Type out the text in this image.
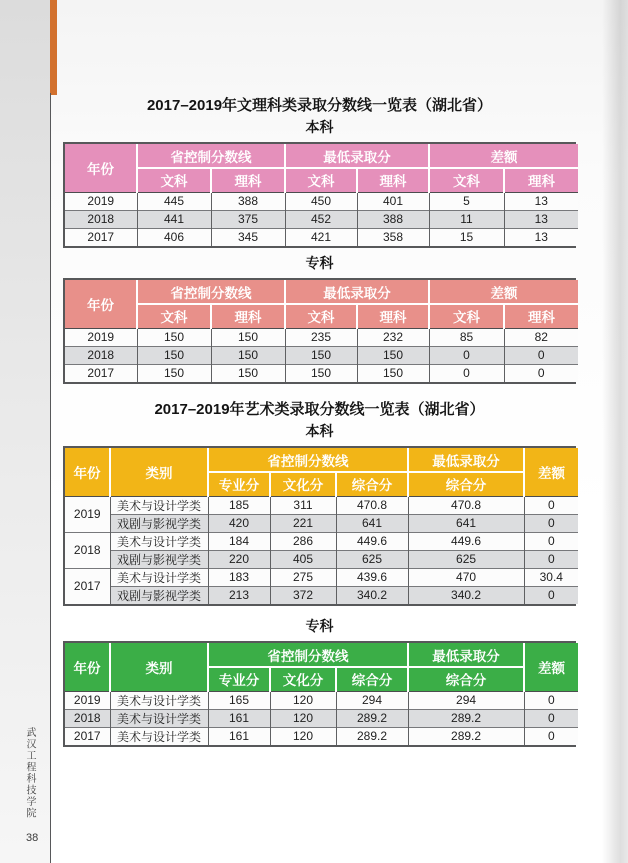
武汉工程科技学院
38
2017–2019年文理科类录取分数线一览表（湖北省）
本科
年份	省控制分数线		最低录取分		差额	
	文科	理科	文科	理科	文科	理科
2019	445	388	450	401	5	13
2018	441	375	452	388	11	13
2017	406	345	421	358	15	13
专科
年份	省控制分数线		最低录取分		差额	
	文科	理科	文科	理科	文科	理科
2019	150	150	235	232	85	82
2018	150	150	150	150	0	0
2017	150	150	150	150	0	0
2017–2019年艺术类录取分数线一览表（湖北省）
本科
年份	类别	省控制分数线			最低录取分	差额
		专业分	文化分	综合分	综合分	
2019	美术与设计学类	185	311	470.8	470.8	0
	戏剧与影视学类	420	221	641	641	0
2018	美术与设计学类	184	286	449.6	449.6	0
	戏剧与影视学类	220	405	625	625	0
2017	美术与设计学类	183	275	439.6	470	30.4
	戏剧与影视学类	213	372	340.2	340.2	0
专科
年份	类别	省控制分数线			最低录取分	差额
		专业分	文化分	综合分	综合分	
2019	美术与设计学类	165	120	294	294	0
2018	美术与设计学类	161	120	289.2	289.2	0
2017	美术与设计学类	161	120	289.2	289.2	0
